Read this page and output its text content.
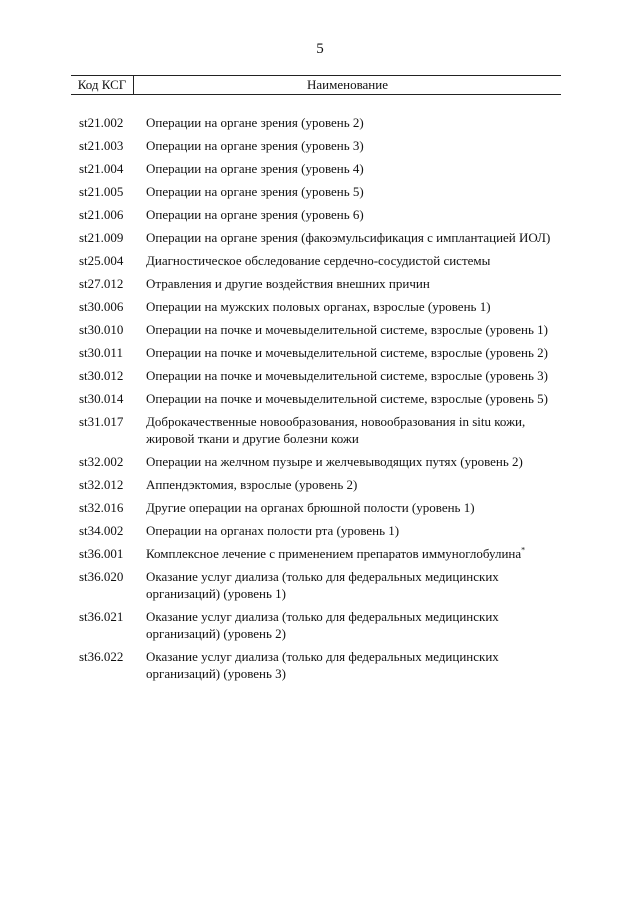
5
Код КСГ	Наименование
st21.002	Операции на органе зрения (уровень 2)
st21.003	Операции на органе зрения (уровень 3)
st21.004	Операции на органе зрения (уровень 4)
st21.005	Операции на органе зрения (уровень 5)
st21.006	Операции на органе зрения (уровень 6)
st21.009	Операции на органе зрения (факоэмульсификация с имплантацией ИОЛ)
st25.004	Диагностическое обследование сердечно-сосудистой системы
st27.012	Отравления и другие воздействия внешних причин
st30.006	Операции на мужских половых органах, взрослые (уровень 1)
st30.010	Операции на почке и мочевыделительной системе, взрослые (уровень 1)
st30.011	Операции на почке и мочевыделительной системе, взрослые (уровень 2)
st30.012	Операции на почке и мочевыделительной системе, взрослые (уровень 3)
st30.014	Операции на почке и мочевыделительной системе, взрослые (уровень 5)
st31.017	Доброкачественные новообразования, новообразования in situ кожи, жировой ткани и другие болезни кожи
st32.002	Операции на желчном пузыре и желчевыводящих путях (уровень 2)
st32.012	Аппендэктомия, взрослые (уровень 2)
st32.016	Другие операции на органах брюшной полости (уровень 1)
st34.002	Операции на органах полости рта (уровень 1)
st36.001	Комплексное лечение с применением препаратов иммуноглобулина*
st36.020	Оказание услуг диализа (только для федеральных медицинских организаций) (уровень 1)
st36.021	Оказание услуг диализа (только для федеральных медицинских организаций) (уровень 2)
st36.022	Оказание услуг диализа (только для федеральных медицинских организаций) (уровень 3)
